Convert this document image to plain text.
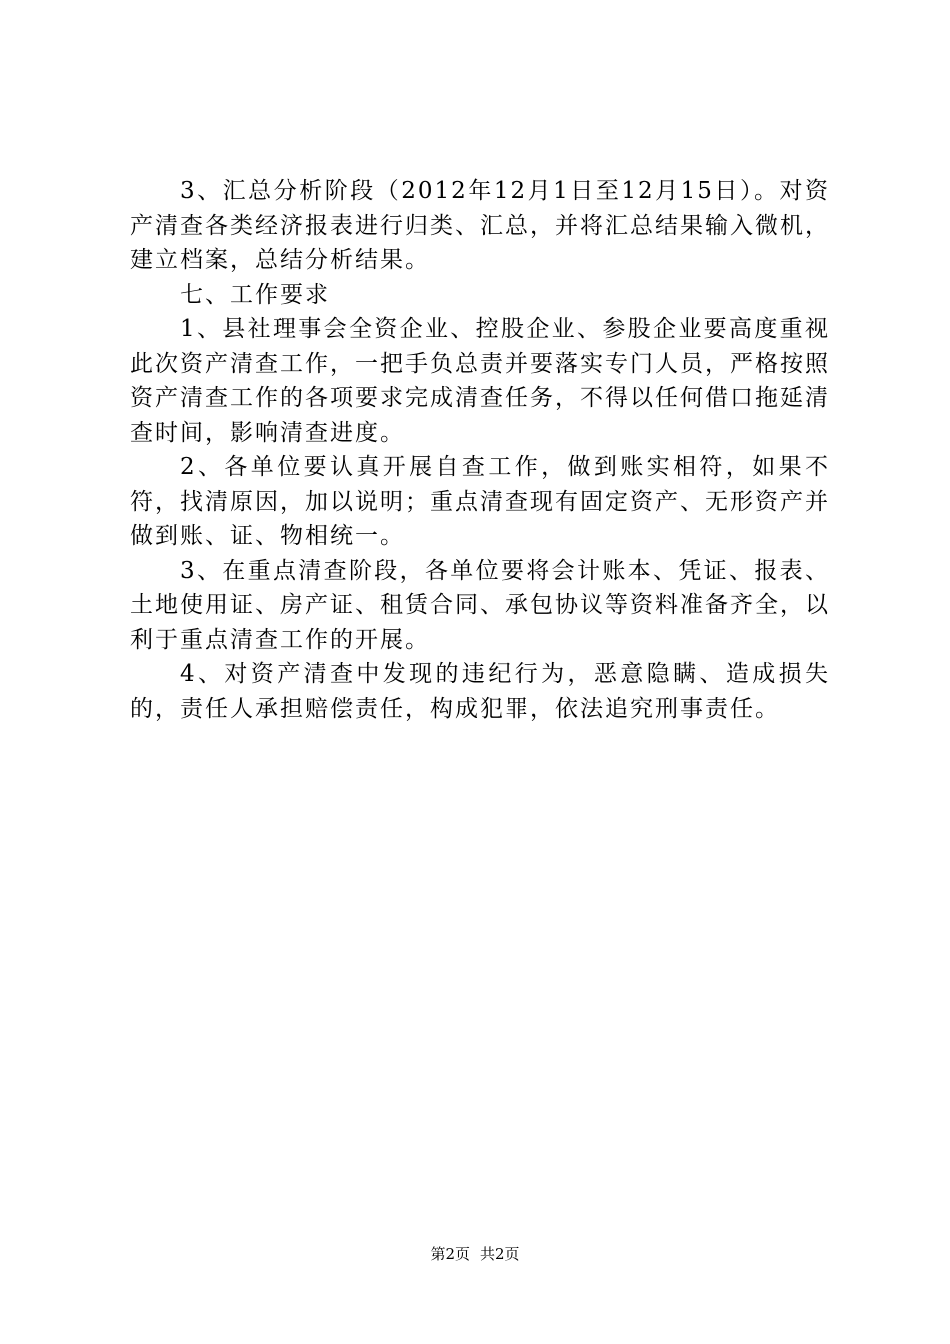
3、汇总分析阶段（2012年12月1日至12月15日）。对资产清查各类经济报表进行归类、汇总，并将汇总结果输入微机，建立档案，总结分析结果。

七、工作要求

1、县社理事会全资企业、控股企业、参股企业要高度重视此次资产清查工作，一把手负总责并要落实专门人员，严格按照资产清查工作的各项要求完成清查任务，不得以任何借口拖延清查时间，影响清查进度。

2、各单位要认真开展自查工作，做到账实相符，如果不符，找清原因，加以说明；重点清查现有固定资产、无形资产并做到账、证、物相统一。

3、在重点清查阶段，各单位要将会计账本、凭证、报表、土地使用证、房产证、租赁合同、承包协议等资料准备齐全，以利于重点清查工作的开展。

4、对资产清查中发现的违纪行为，恶意隐瞒、造成损失的，责任人承担赔偿责任，构成犯罪，依法追究刑事责任。

第2页 共2页
